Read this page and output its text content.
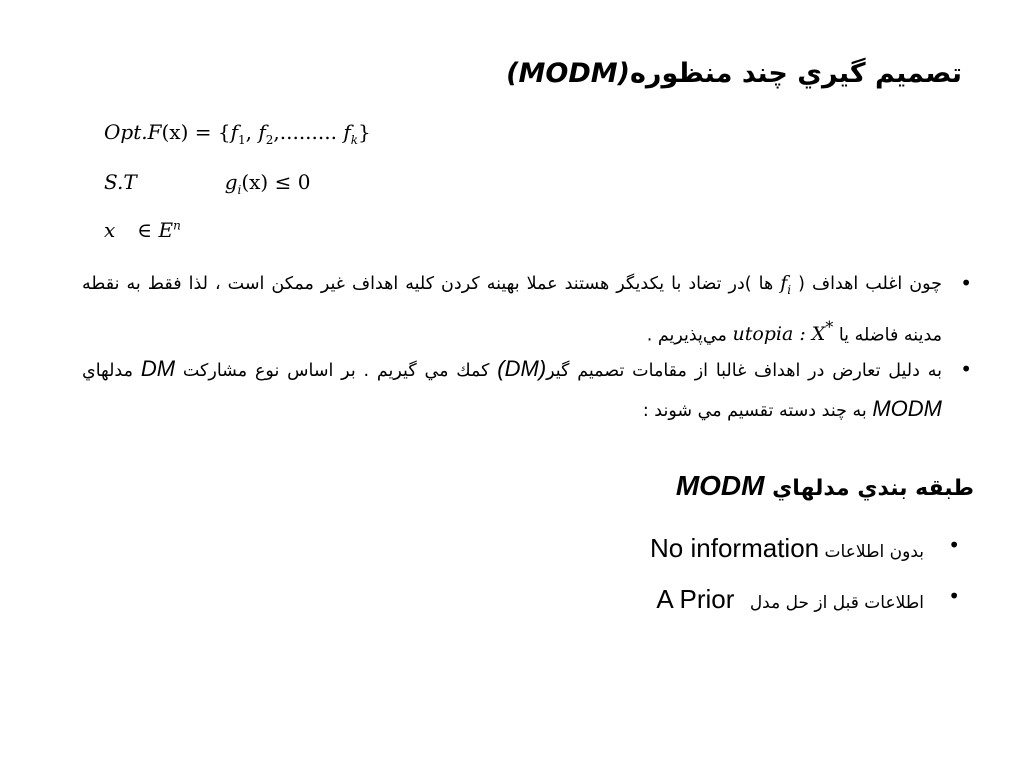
تصميم گيري چند منظوره(MODM)
$Opt.F(x) = \{f_1$, $f_2$,......... $f_k$}
S.T	$g_i(x) \le 0$
x ∈ $E^n$
•
چون اغلب اهداف ( $f_i$ ها )در تضاد با يكديگر هستند عملا بهينه كردن كليه اهداف غير ممكن است ، لذا فقط به نقطه مدينه فاضله يا utopia : X* مي‌پذيريم .
•
به دليل تعارض در اهداف غالبا از مقامات تصميم گير(DM) كمك مي گيريم . بر اساس نوع مشاركت DM مدلهاي MODM به چند دسته تقسيم مي شوند :
طبقه بندي مدلهاي MODM
•
بدون اطلاعات No information
•
اطلاعات قبل از حل مدل A Prior
